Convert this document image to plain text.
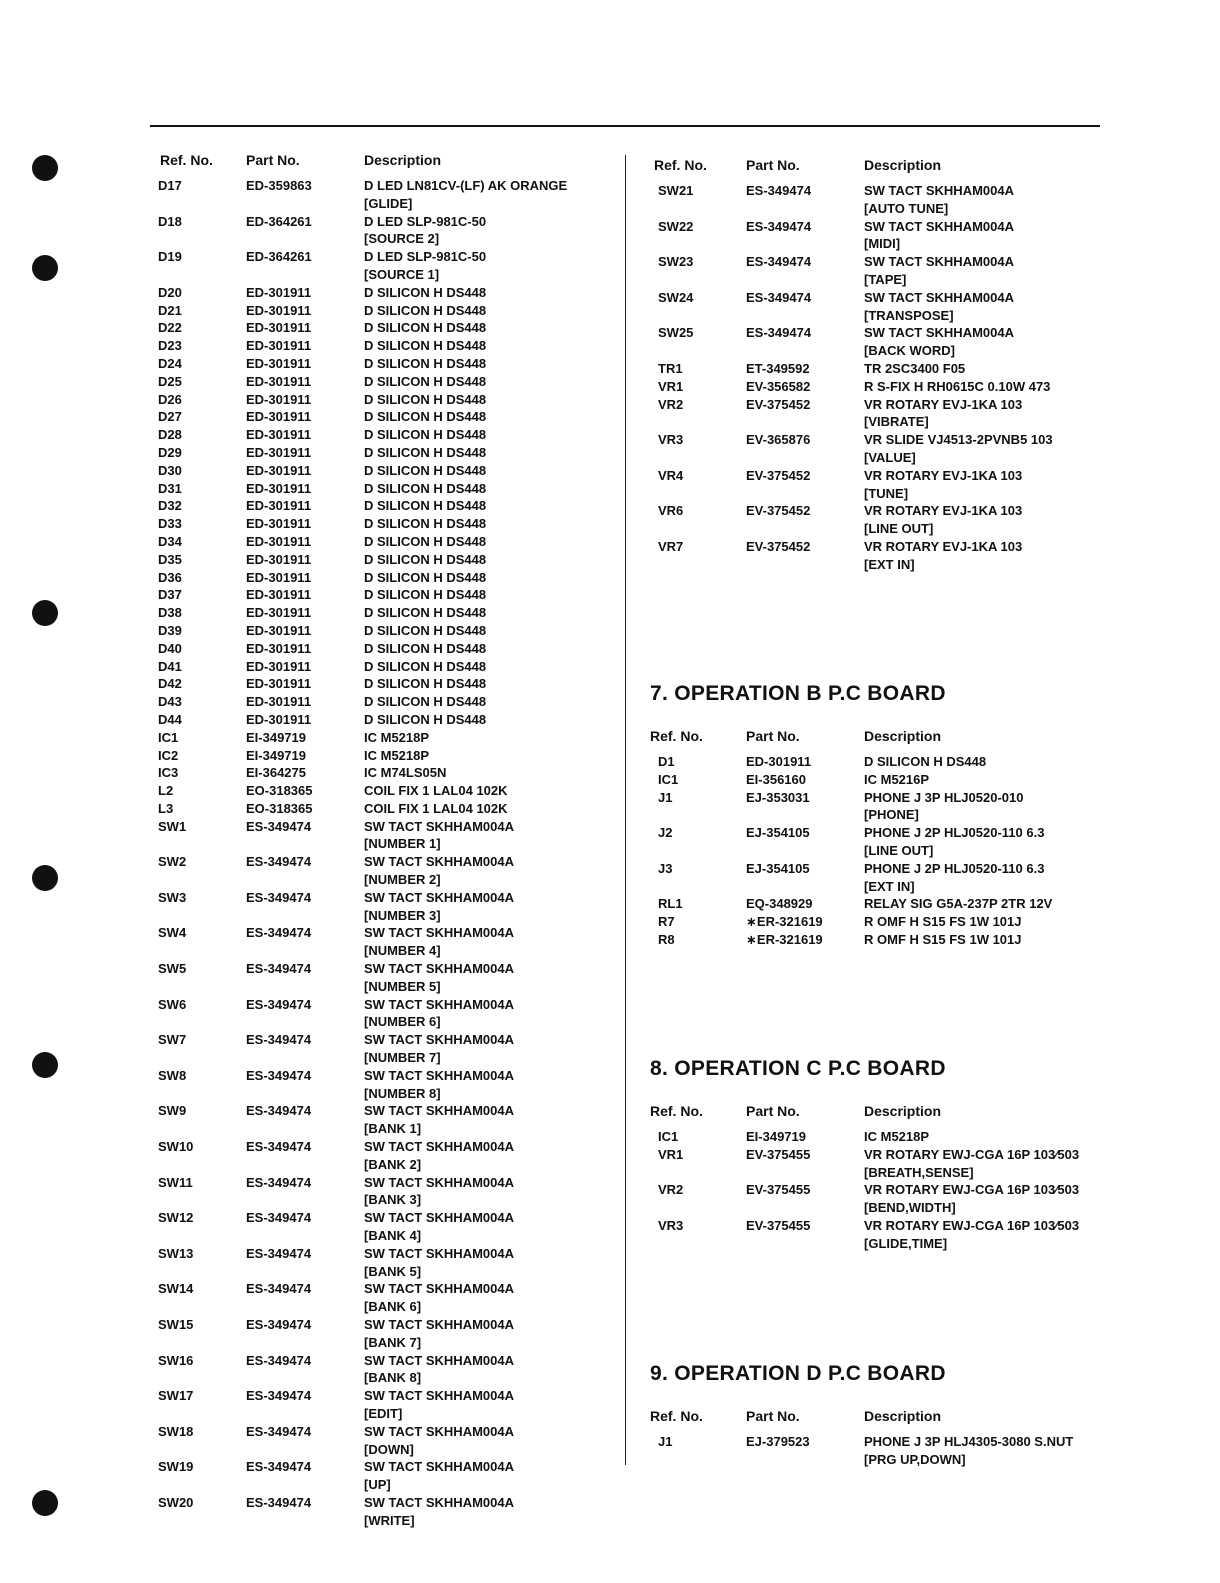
Ref. No.	Part No.	Description
D17	ED-359863	D LED LN81CV-(LF) AK ORANGE
[GLIDE]

D18	ED-364261	D LED SLP-981C-50
[SOURCE 2]

D19	ED-364261	D LED SLP-981C-50
[SOURCE 1]

D20	ED-301911	D SILICON H DS448

D21	ED-301911	D SILICON H DS448

D22	ED-301911	D SILICON H DS448

D23	ED-301911	D SILICON H DS448

D24	ED-301911	D SILICON H DS448

D25	ED-301911	D SILICON H DS448

D26	ED-301911	D SILICON H DS448

D27	ED-301911	D SILICON H DS448

D28	ED-301911	D SILICON H DS448

D29	ED-301911	D SILICON H DS448

D30	ED-301911	D SILICON H DS448

D31	ED-301911	D SILICON H DS448

D32	ED-301911	D SILICON H DS448

D33	ED-301911	D SILICON H DS448

D34	ED-301911	D SILICON H DS448

D35	ED-301911	D SILICON H DS448

D36	ED-301911	D SILICON H DS448

D37	ED-301911	D SILICON H DS448

D38	ED-301911	D SILICON H DS448

D39	ED-301911	D SILICON H DS448

D40	ED-301911	D SILICON H DS448

D41	ED-301911	D SILICON H DS448

D42	ED-301911	D SILICON H DS448

D43	ED-301911	D SILICON H DS448

D44	ED-301911	D SILICON H DS448

IC1	EI-349719	IC M5218P

IC2	EI-349719	IC M5218P

IC3	EI-364275	IC M74LS05N

L2	EO-318365	COIL FIX 1 LAL04 102K

L3	EO-318365	COIL FIX 1 LAL04 102K

SW1	ES-349474	SW TACT SKHHAM004A
[NUMBER 1]

SW2	ES-349474	SW TACT SKHHAM004A
[NUMBER 2]

SW3	ES-349474	SW TACT SKHHAM004A
[NUMBER 3]

SW4	ES-349474	SW TACT SKHHAM004A
[NUMBER 4]

SW5	ES-349474	SW TACT SKHHAM004A
[NUMBER 5]

SW6	ES-349474	SW TACT SKHHAM004A
[NUMBER 6]

SW7	ES-349474	SW TACT SKHHAM004A
[NUMBER 7]

SW8	ES-349474	SW TACT SKHHAM004A
[NUMBER 8]

SW9	ES-349474	SW TACT SKHHAM004A
[BANK 1]

SW10	ES-349474	SW TACT SKHHAM004A
[BANK 2]

SW11	ES-349474	SW TACT SKHHAM004A
[BANK 3]

SW12	ES-349474	SW TACT SKHHAM004A
[BANK 4]

SW13	ES-349474	SW TACT SKHHAM004A
[BANK 5]

SW14	ES-349474	SW TACT SKHHAM004A
[BANK 6]

SW15	ES-349474	SW TACT SKHHAM004A
[BANK 7]

SW16	ES-349474	SW TACT SKHHAM004A
[BANK 8]

SW17	ES-349474	SW TACT SKHHAM004A
[EDIT]

SW18	ES-349474	SW TACT SKHHAM004A
[DOWN]

SW19	ES-349474	SW TACT SKHHAM004A
[UP]

SW20	ES-349474	SW TACT SKHHAM004A
[WRITE]
Ref. No.	Part No.	Description
SW21	ES-349474	SW TACT SKHHAM004A
[AUTO TUNE]

SW22	ES-349474	SW TACT SKHHAM004A
[MIDI]

SW23	ES-349474	SW TACT SKHHAM004A
[TAPE]

SW24	ES-349474	SW TACT SKHHAM004A
[TRANSPOSE]

SW25	ES-349474	SW TACT SKHHAM004A
[BACK WORD]

TR1	ET-349592	TR 2SC3400 F05

VR1	EV-356582	R S-FIX H RH0615C 0.10W 473

VR2	EV-375452	VR ROTARY EVJ-1KA 103
[VIBRATE]

VR3	EV-365876	VR SLIDE VJ4513-2PVNB5 103
[VALUE]

VR4	EV-375452	VR ROTARY EVJ-1KA 103
[TUNE]

VR6	EV-375452	VR ROTARY EVJ-1KA 103
[LINE OUT]

VR7	EV-375452	VR ROTARY EVJ-1KA 103
[EXT IN]
7. OPERATION B P.C BOARD
Ref. No.	Part No.	Description
D1	ED-301911	D SILICON H DS448

IC1	EI-356160	IC M5216P

J1	EJ-353031	PHONE J 3P HLJ0520-010
[PHONE]

J2	EJ-354105	PHONE J 2P HLJ0520-110 6.3
[LINE OUT]

J3	EJ-354105	PHONE J 2P HLJ0520-110 6.3
[EXT IN]

RL1	EQ-348929	RELAY SIG G5A-237P 2TR 12V

R7	∗ER-321619	R OMF H S15 FS 1W 101J

R8	∗ER-321619	R OMF H S15 FS 1W 101J
8. OPERATION C P.C BOARD
Ref. No.	Part No.	Description
IC1	EI-349719	IC M5218P

VR1	EV-375455	VR ROTARY EWJ-CGA 16P 103∕503
[BREATH,SENSE]

VR2	EV-375455	VR ROTARY EWJ-CGA 16P 103∕503
[BEND,WIDTH]

VR3	EV-375455	VR ROTARY EWJ-CGA 16P 103∕503
[GLIDE,TIME]
9. OPERATION D P.C BOARD
Ref. No.	Part No.	Description
J1	EJ-379523	PHONE J 3P HLJ4305-3080 S.NUT
[PRG UP,DOWN]
